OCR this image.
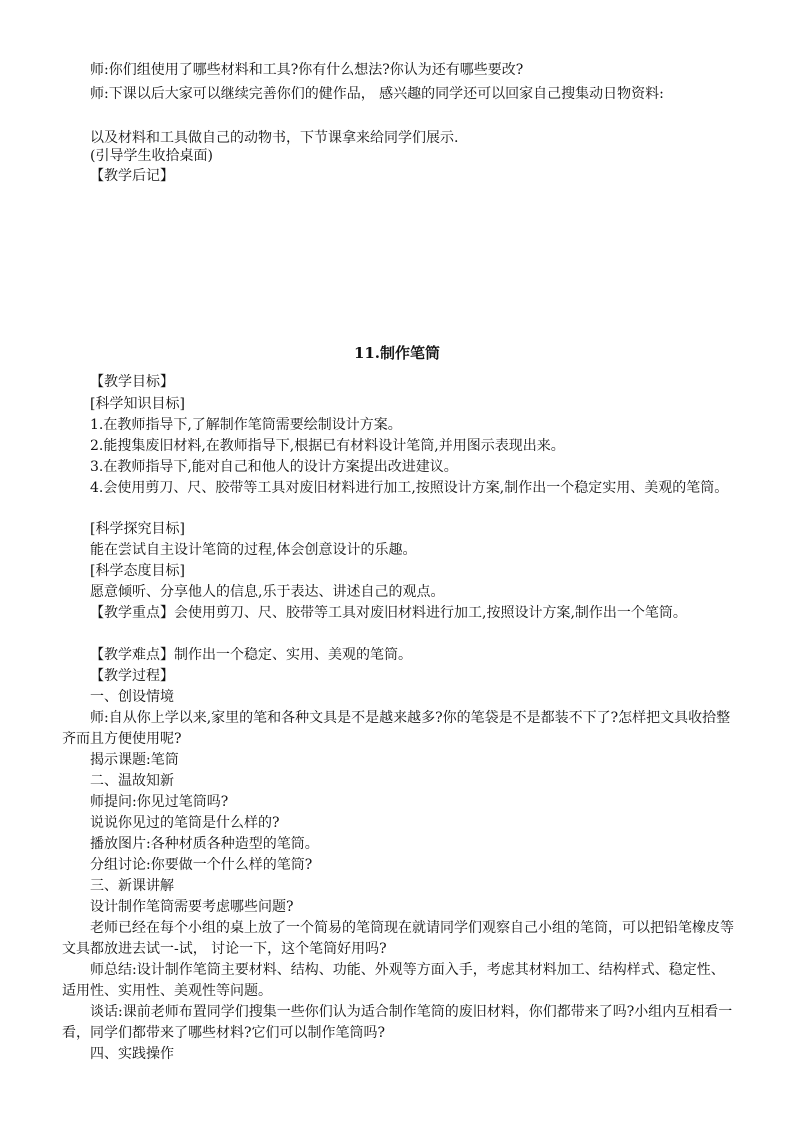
师:你们组使用了哪些材料和工具?你有什么想法?你认为还有哪些要改?
师:下课以后大家可以继续完善你们的健作品， 感兴趣的同学还可以回家自己搜集动日物资料:
以及材料和工具做自己的动物书，下节课拿来给同学们展示.
(引导学生收拾桌面)
【教学后记】
11.制作笔筒
【教学目标】
[科学知识目标]
1.在教师指导下,了解制作笔筒需要绘制设计方案。
2.能搜集废旧材料,在教师指导下,根据已有材料设计笔筒,并用图示表现出来。
3.在教师指导下,能对自己和他人的设计方案提出改进建议。
4.会使用剪刀、尺、胶带等工具对废旧材料进行加工,按照设计方案,制作出一个稳定实用、美观的笔筒。
[科学探究目标]
能在尝试自主设计笔筒的过程,体会创意设计的乐趣。
[科学态度目标]
愿意倾听、分享他人的信息,乐于表达、讲述自己的观点。
【教学重点】会使用剪刀、尺、胶带等工具对废旧材料进行加工,按照设计方案,制作出一个笔筒。
【教学难点】制作出一个稳定、实用、美观的笔筒。
【教学过程】
一、创设情境
师:自从你上学以来,家里的笔和各种文具是不是越来越多?你的笔袋是不是都装不下了?怎样把文具收拾整齐而且方便使用呢?
揭示课题:笔筒
二、温故知新
师提问:你见过笔筒吗?
说说你见过的笔筒是什么样的?
播放图片:各种材质各种造型的笔筒。
分组讨论:你要做一个什么样的笔筒?
三、新课讲解
设计制作笔筒需要考虑哪些问题?
老师已经在每个小组的桌上放了一个简易的笔筒现在就请同学们观察自己小组的笔筒，可以把铅笔橡皮等文具都放进去试一-试， 讨论一下，这个笔筒好用吗?
师总结:设计制作笔筒主要材料、结构、功能、外观等方面入手，考虑其材料加工、结构样式、稳定性、适用性、实用性、美观性等问题。
谈话:课前老师布置同学们搜集一些你们认为适合制作笔筒的废旧材料，你们都带来了吗?小组内互相看一看，同学们都带来了哪些材料?它们可以制作笔筒吗?
四、实践操作
